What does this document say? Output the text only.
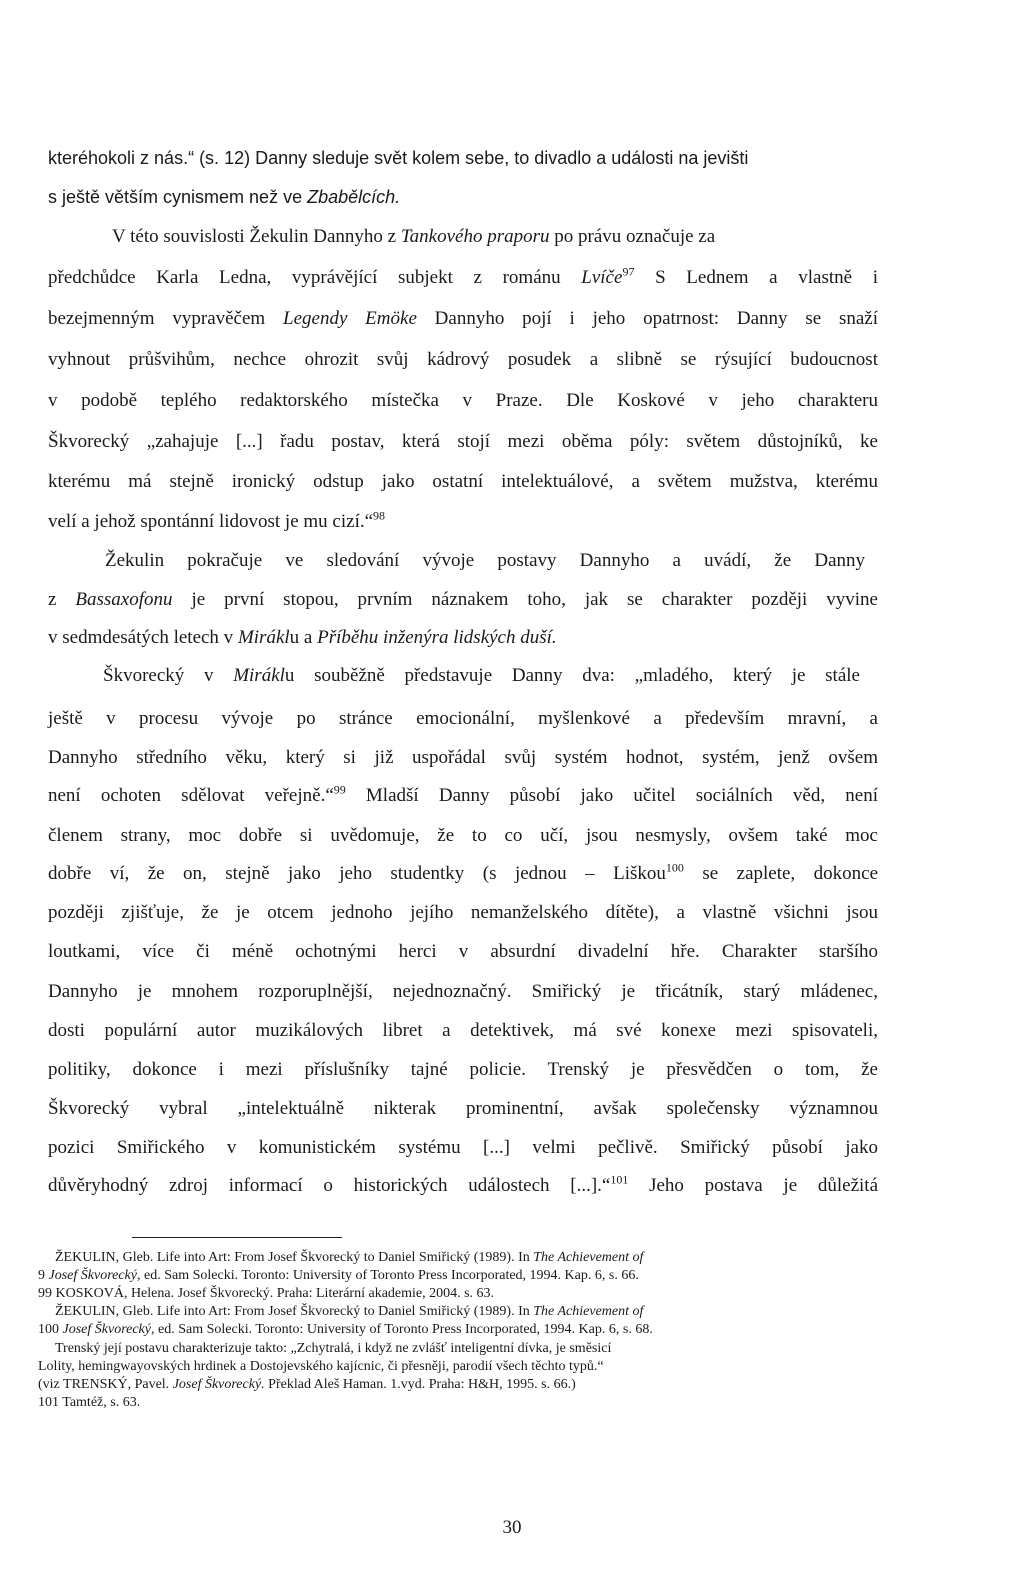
kteréhokoli z nás.“ (s. 12) Danny sleduje svět kolem sebe, to divadlo a události na jevišti
s ještě větším cynismem než ve Zbabělcích.
V této souvislosti Žekulin Dannyho z Tankového praporu po právu označuje za
předchůdce Karla Ledna, vyprávějící subjekt z románu Lvíče$^{97}$ S Lednem a vlastně i
bezejmenným vypravěčem Legendy Emöke Dannyho pojí i jeho opatrnost: Danny se snaží
vyhnout průšvihům, nechce ohrozit svůj kádrový posudek a slibně se rýsující budoucnost
v podobě teplého redaktorského místečka v Praze. Dle Koskové v jeho charakteru
Škvorecký „zahajuje [...] řadu postav, která stojí mezi oběma póly: světem důstojníků, ke
kterému má stejně ironický odstup jako ostatní intelektuálové, a světem mužstva, kterému
velí a jehož spontánní lidovost je mu cizí.“$^{98}$
Žekulin pokračuje ve sledování vývoje postavy Dannyho a uvádí, že Danny
z Bassaxofonu je první stopou, prvním náznakem toho, jak se charakter později vyvine
v sedmdesátých letech v Miráklu a Příběhu inženýra lidských duší.
Škvorecký v Miráklu souběžně představuje Danny dva: „mladého, který je stále
ještě v procesu vývoje po stránce emocionální, myšlenkové a především mravní, a
Dannyho středního věku, který si již uspořádal svůj systém hodnot, systém, jenž ovšem
není ochoten sdělovat veřejně.“$^{99}$ Mladší Danny působí jako učitel sociálních věd, není
členem strany, moc dobře si uvědomuje, že to co učí, jsou nesmysly, ovšem také moc
dobře ví, že on, stejně jako jeho studentky (s jednou – Liškou$^{100}$ se zaplete, dokonce
později zjišťuje, že je otcem jednoho jejího nemanželského dítěte), a vlastně všichni jsou
loutkami, více či méně ochotnými herci v absurdní divadelní hře. Charakter staršího
Dannyho je mnohem rozporuplnější, nejednoznačný. Smiřický je třicátník, starý mládenec,
dosti populární autor muzikálových libret a detektivek, má své konexe mezi spisovateli,
politiky, dokonce i mezi příslušníky tajné policie. Trenský je přesvědčen o tom, že
Škvorecký vybral „intelektuálně nikterak prominentní, avšak společensky významnou
pozici Smiřického v komunistickém systému [...] velmi pečlivě. Smiřický působí jako
důvěryhodný zdroj informací o historických událostech [...].“$^{101}$ Jeho postava je důležitá
ŽEKULIN, Gleb. Life into Art: From Josef Škvorecký to Daniel Smiřický (1989). In The Achievement of
9 Josef Škvorecký, ed. Sam Solecki. Toronto: University of Toronto Press Incorporated, 1994. Kap. 6, s. 66.
99 KOSKOVÁ, Helena. Josef Škvorecký. Praha: Literární akademie, 2004. s. 63.
ŽEKULIN, Gleb. Life into Art: From Josef Škvorecký to Daniel Smiřický (1989). In The Achievement of
100 Josef Škvorecký, ed. Sam Solecki. Toronto: University of Toronto Press Incorporated, 1994. Kap. 6, s. 68.
Trenský její postavu charakterizuje takto: „Zchytralá, i když ne zvlášť inteligentní dívka, je směsicí
Lolity, hemingwayovských hrdinek a Dostojevského kajícnic, či přesněji, parodií všech těchto typů.“
(viz TRENSKÝ, Pavel. Josef Škvorecký. Překlad Aleš Haman. 1.vyd. Praha: H&H, 1995. s. 66.)
101 Tamtéž, s. 63.
30
